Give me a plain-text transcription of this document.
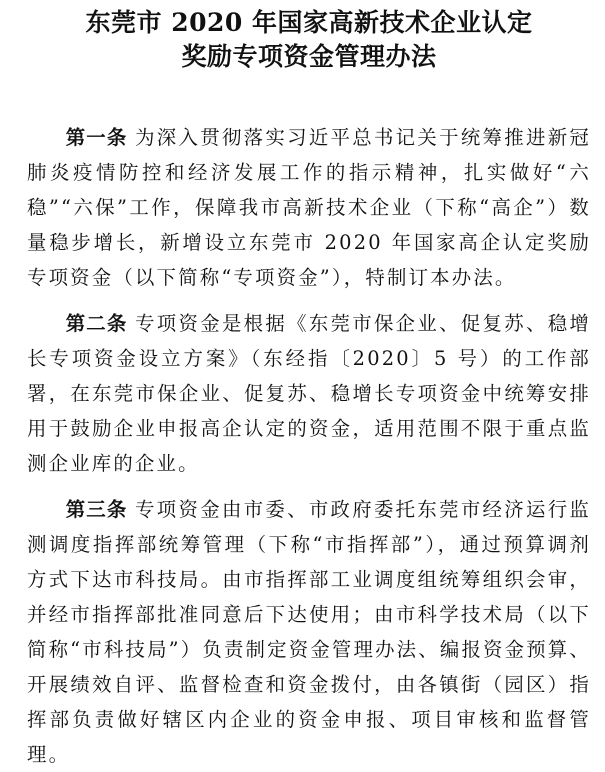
东莞市 2020 年国家高新技术企业认定
奖励专项资金管理办法

第一条 为深入贯彻落实习近平总书记关于统筹推进新冠肺炎疫情防控和经济发展工作的指示精神，扎实做好“六稳”“六保”工作，保障我市高新技术企业（下称“高企”）数量稳步增长，新增设立东莞市 2020 年国家高企认定奖励专项资金（以下简称“专项资金”），特制订本办法。

第二条 专项资金是根据《东莞市保企业、促复苏、稳增长专项资金设立方案》（东经指〔2020〕5 号）的工作部署，在东莞市保企业、促复苏、稳增长专项资金中统筹安排用于鼓励企业申报高企认定的资金，适用范围不限于重点监测企业库的企业。

第三条 专项资金由市委、市政府委托东莞市经济运行监测调度指挥部统筹管理（下称“市指挥部”），通过预算调剂方式下达市科技局。由市指挥部工业调度组统筹组织会审，并经市指挥部批准同意后下达使用；由市科学技术局（以下简称“市科技局”）负责制定资金管理办法、编报资金预算、开展绩效自评、监督检查和资金拨付，由各镇街（园区）指挥部负责做好辖区内企业的资金申报、项目审核和监督管理。
